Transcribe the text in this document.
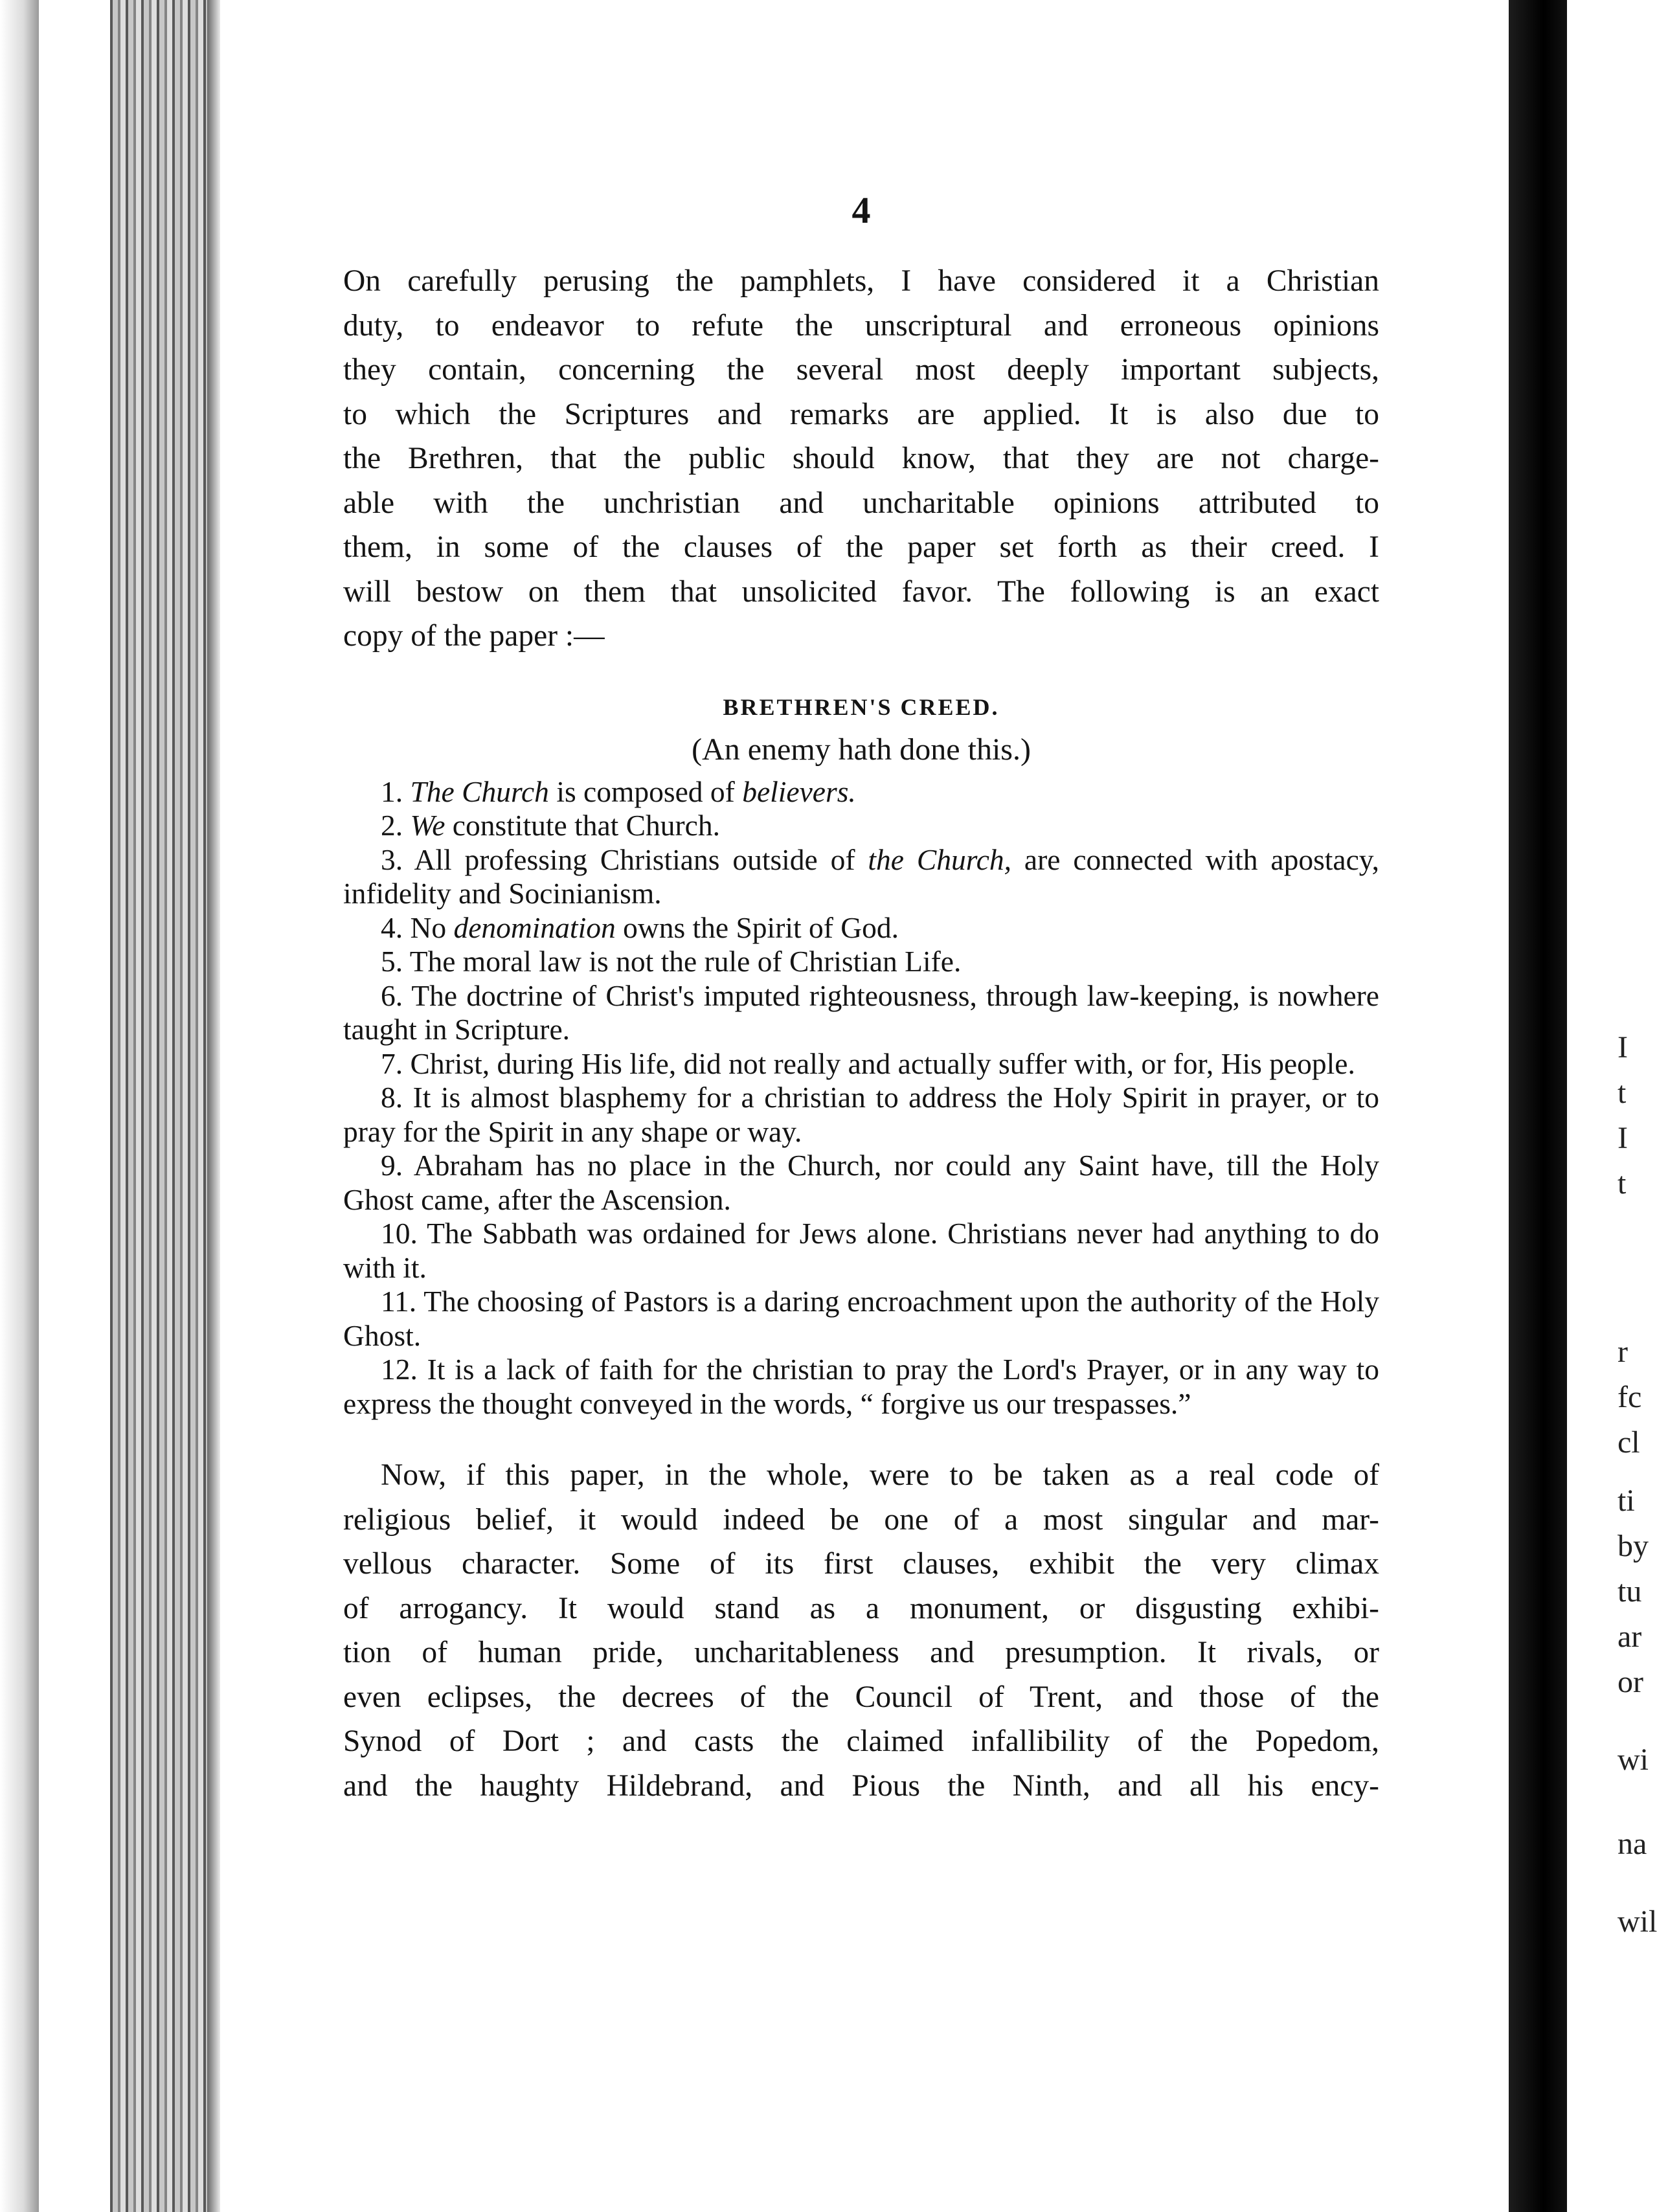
I
t
I
t
r
fc
cl
ti
by
tu
ar
or
wi
na
wil
4
On carefully perusing the pamphlets, I have considered it a Christian
duty, to endeavor to refute the unscriptural and erroneous opinions
they contain, concerning the several most deeply important subjects,
to which the Scriptures and remarks are applied. It is also due to
the Brethren, that the public should know, that they are not charge-
able with the unchristian and uncharitable opinions attributed to
them, in some of the clauses of the paper set forth as their creed. I
will bestow on them that unsolicited favor. The following is an exact
copy of the paper :—
BRETHREN'S CREED.
(An enemy hath done this.)

1. The Church is composed of believers.

2. We constitute that Church.

3. All professing Christians outside of the Church, are connected with apostacy, infidelity and Socinianism.

4. No denomination owns the Spirit of God.

5. The moral law is not the rule of Christian Life.

6. The doctrine of Christ's imputed righteousness, through law-keeping, is nowhere taught in Scripture.

7. Christ, during His life, did not really and actually suffer with, or for, His people.

8. It is almost blasphemy for a christian to address the Holy Spirit in prayer, or to pray for the Spirit in any shape or way.

9. Abraham has no place in the Church, nor could any Saint have, till the Holy Ghost came, after the Ascension.

10. The Sabbath was ordained for Jews alone. Christians never had anything to do with it.

11. The choosing of Pastors is a daring encroachment upon the authority of the Holy Ghost.

12. It is a lack of faith for the christian to pray the Lord's Prayer, or in any way to express the thought conveyed in the words, “ forgive us our trespasses.”

Now, if this paper, in the whole, were to be taken as a real code of
religious belief, it would indeed be one of a most singular and mar-
vellous character. Some of its first clauses, exhibit the very climax
of arrogancy. It would stand as a monument, or disgusting exhibi-
tion of human pride, uncharitableness and presumption. It rivals, or
even eclipses, the decrees of the Council of Trent, and those of the
Synod of Dort ; and casts the claimed infallibility of the Popedom,
and the haughty Hildebrand, and Pious the Ninth, and all his ency-
